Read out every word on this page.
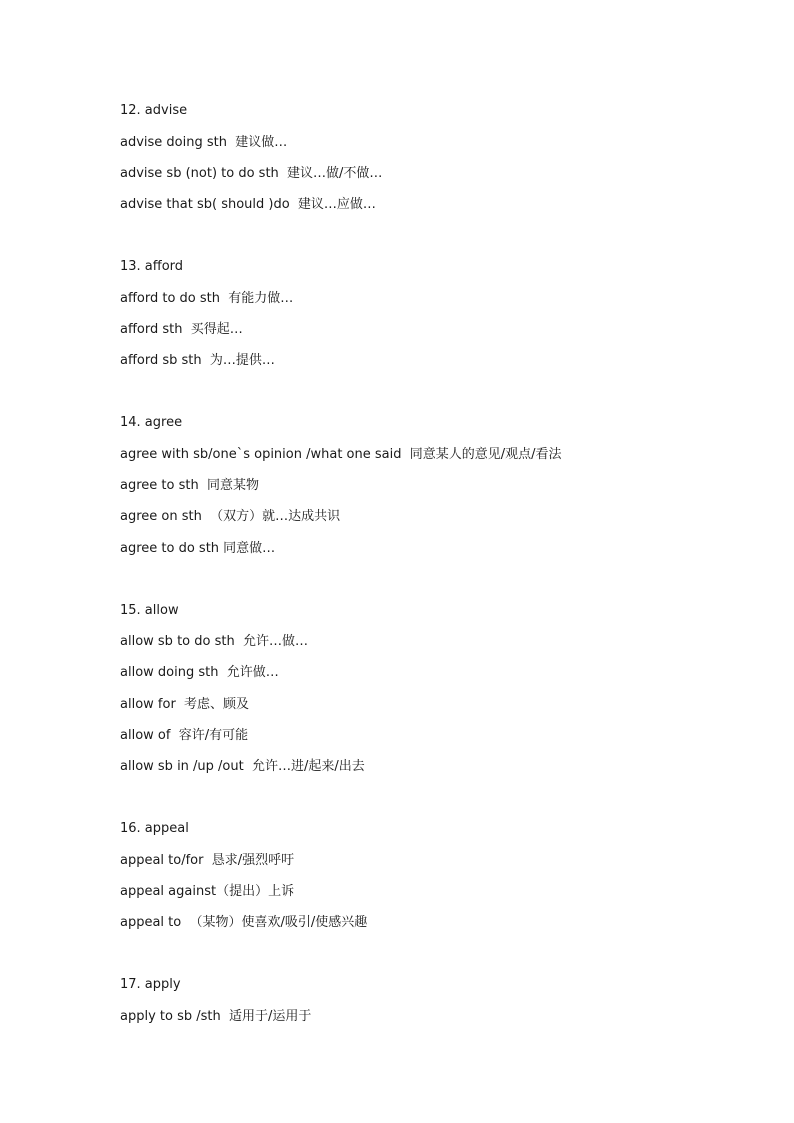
12. advise
advise doing sth  建议做…
advise sb (not) to do sth  建议…做/不做…
advise that sb( should )do  建议…应做…
13. afford
afford to do sth  有能力做…
afford sth  买得起…
afford sb sth  为…提供…
14. agree
agree with sb/one`s opinion /what one said  同意某人的意见/观点/看法
agree to sth  同意某物
agree on sth  （双方）就…达成共识
agree to do sth 同意做…
15. allow
allow sb to do sth  允许…做…
allow doing sth  允许做…
allow for  考虑、顾及
allow of  容许/有可能
allow sb in /up /out  允许…进/起来/出去
16. appeal
appeal to/for  恳求/强烈呼吁
appeal against（提出）上诉
appeal to  （某物）使喜欢/吸引/使感兴趣
17. apply
apply to sb /sth  适用于/运用于
